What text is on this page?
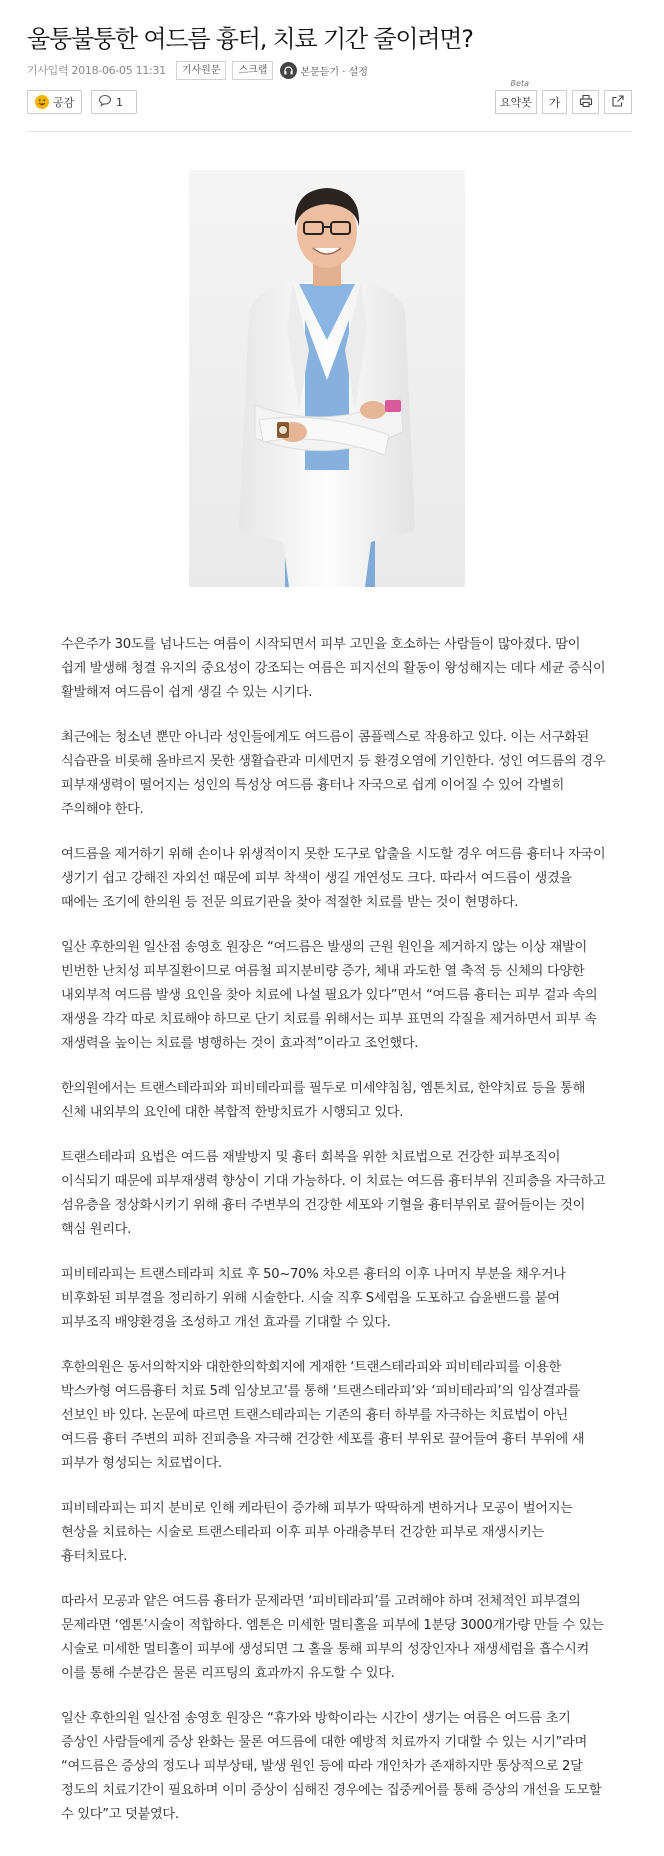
울퉁불퉁한 여드름 흉터, 치료 기간 줄이려면?
기사입력 2018-06-05 11:31	기사원문	스크랩	본문듣기 · 설정
공감	1
Beta
요약봇	가

수은주가 30도를 넘나드는 여름이 시작되면서 피부 고민을 호소하는 사람들이 많아졌다. 땀이 쉽게 발생해 청결 유지의 중요성이 강조되는 여름은 피지선의 활동이 왕성해지는 데다 세균 증식이 활발해져 여드름이 쉽게 생길 수 있는 시기다.

최근에는 청소년 뿐만 아니라 성인들에게도 여드름이 콤플렉스로 작용하고 있다. 이는 서구화된 식습관을 비롯해 올바르지 못한 생활습관과 미세먼지 등 환경오염에 기인한다. 성인 여드름의 경우 피부재생력이 떨어지는 성인의 특성상 여드름 흉터나 자국으로 쉽게 이어질 수 있어 각별히 주의해야 한다.

여드름을 제거하기 위해 손이나 위생적이지 못한 도구로 압출을 시도할 경우 여드름 흉터나 자국이 생기기 쉽고 강해진 자외선 때문에 피부 착색이 생길 개연성도 크다. 따라서 여드름이 생겼을 때에는 조기에 한의원 등 전문 의료기관을 찾아 적절한 치료를 받는 것이 현명하다.

일산 후한의원 일산점 송영호 원장은 “여드름은 발생의 근원 원인을 제거하지 않는 이상 재발이 빈번한 난치성 피부질환이므로 여름철 피지분비량 증가, 체내 과도한 열 축적 등 신체의 다양한 내외부적 여드름 발생 요인을 찾아 치료에 나설 필요가 있다”면서 “여드름 흉터는 피부 겉과 속의 재생을 각각 따로 치료해야 하므로 단기 치료를 위해서는 피부 표면의 각질을 제거하면서 피부 속 재생력을 높이는 치료를 병행하는 것이 효과적”이라고 조언했다.

한의원에서는 트랜스테라피와 피비테라피를 필두로 미세약침침, 엠톤치료, 한약치료 등을 통해 신체 내외부의 요인에 대한 복합적 한방치료가 시행되고 있다.

트랜스테라피 요법은 여드름 재발방지 및 흉터 회복을 위한 치료법으로 건강한 피부조직이 이식되기 때문에 피부재생력 향상이 기대 가능하다. 이 치료는 여드름 흉터부위 진피층을 자극하고 섬유층을 정상화시키기 위해 흉터 주변부의 건강한 세포와 기혈을 흉터부위로 끌어들이는 것이 핵심 원리다.

피비테라피는 트랜스테라피 치료 후 50~70% 차오른 흉터의 이후 나머지 부분을 채우거나 비후화된 피부결을 정리하기 위해 시술한다. 시술 직후 S세럼을 도포하고 습윤밴드를 붙여 피부조직 배양환경을 조성하고 개선 효과를 기대할 수 있다.

후한의원은 동서의학지와 대한한의학회지에 게재한 ‘트랜스테라피와 피비테라피를 이용한 박스카형 여드름흉터 치료 5례 임상보고’를 통해 ‘트랜스테라피’와 ‘피비테라피’의 임상결과를 선보인 바 있다. 논문에 따르면 트랜스테라피는 기존의 흉터 하부를 자극하는 치료법이 아닌 여드름 흉터 주변의 피하 진피층을 자극해 건강한 세포를 흉터 부위로 끌어들여 흉터 부위에 새 피부가 형성되는 치료법이다.

피비테라피는 피지 분비로 인해 케라틴이 증가해 피부가 딱딱하게 변하거나 모공이 벌어지는 현상을 치료하는 시술로 트랜스테라피 이후 피부 아래층부터 건강한 피부로 재생시키는 흉터치료다.

따라서 모공과 얕은 여드름 흉터가 문제라면 ‘피비테라피’를 고려해야 하며 전체적인 피부결의 문제라면 ‘엠톤’시술이 적합하다. 엠톤은 미세한 멀티홀을 피부에 1분당 3000개가량 만들 수 있는 시술로 미세한 멀티홀이 피부에 생성되면 그 홀을 통해 피부의 성장인자나 재생세럼을 흡수시켜 이를 통해 수분감은 물론 리프팅의 효과까지 유도할 수 있다.

일산 후한의원 일산점 송영호 원장은 “휴가와 방학이라는 시간이 생기는 여름은 여드름 초기 증상인 사람들에게 증상 완화는 물론 여드름에 대한 예방적 치료까지 기대할 수 있는 시기”라며 “여드름은 증상의 정도나 피부상태, 발생 원인 등에 따라 개인차가 존재하지만 통상적으로 2달 정도의 치료기간이 필요하며 이미 증상이 심해진 경우에는 집중케어를 통해 증상의 개선을 도모할 수 있다”고 덧붙였다.
